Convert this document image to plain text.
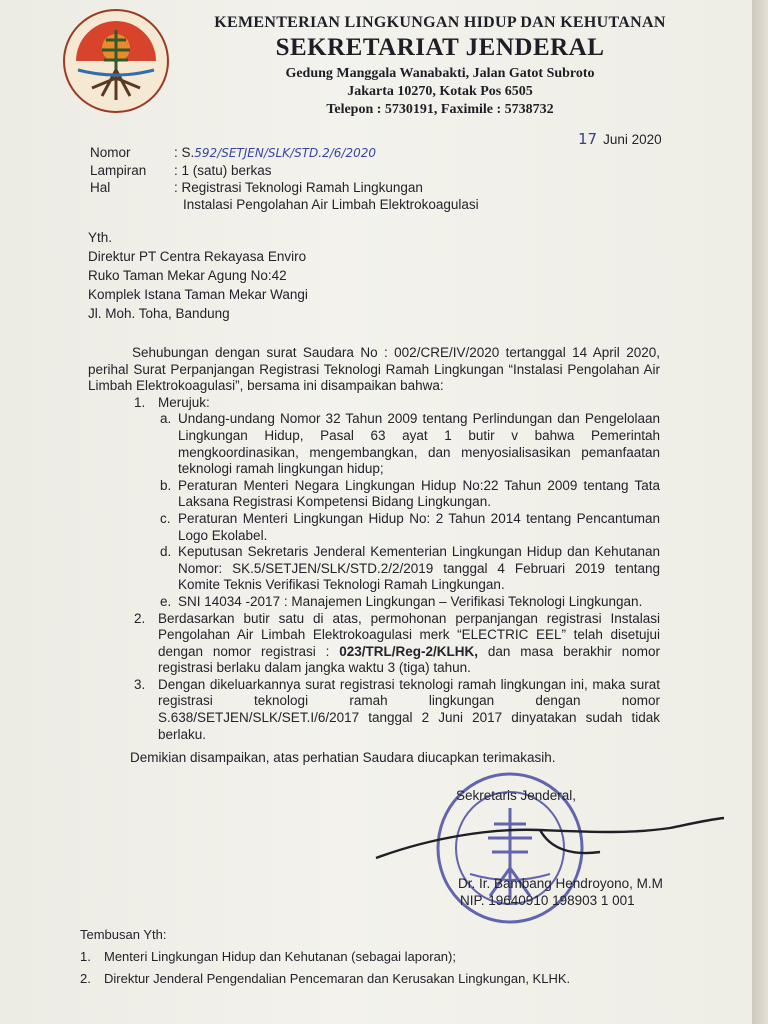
KEMENTERIAN LINGKUNGAN HIDUP DAN KEHUTANAN
SEKRETARIAT JENDERAL
Gedung Manggala Wanabakti, Jalan Gatot Subroto
Jakarta 10270, Kotak Pos 6505
Telepon : 5730191, Faximile : 5738732
17 Juni 2020
Nomor	: S.592/SETJEN/SLK/STD.2/6/2020
Lampiran	: 1 (satu) berkas
Hal	: Registrasi Teknologi Ramah Lingkungan
Instalasi Pengolahan Air Limbah Elektrokoagulasi
Yth.
Direktur PT Centra Rekayasa Enviro
Ruko Taman Mekar Agung No:42
Komplek Istana Taman Mekar Wangi
Jl. Moh. Toha, Bandung

Sehubungan dengan surat Saudara No : 002/CRE/IV/2020 tertanggal 14 April 2020, perihal Surat Perpanjangan Registrasi Teknologi Ramah Lingkungan “Instalasi Pengolahan Air Limbah Elektrokoagulasi”, bersama ini disampaikan bahwa:

1. Merujuk:
a. Undang-undang Nomor 32 Tahun 2009 tentang Perlindungan dan Pengelolaan Lingkungan Hidup, Pasal 63 ayat 1 butir v bahwa Pemerintah mengkoordinasikan, mengembangkan, dan menyosialisasikan pemanfaatan teknologi ramah lingkungan hidup;
b. Peraturan Menteri Negara Lingkungan Hidup No:22 Tahun 2009 tentang Tata Laksana Registrasi Kompetensi Bidang Lingkungan.
c. Peraturan Menteri Lingkungan Hidup No: 2 Tahun 2014 tentang Pencantuman Logo Ekolabel.
d. Keputusan Sekretaris Jenderal Kementerian Lingkungan Hidup dan Kehutanan Nomor: SK.5/SETJEN/SLK/STD.2/2/2019 tanggal 4 Februari 2019 tentang Komite Teknis Verifikasi Teknologi Ramah Lingkungan.
e. SNI 14034 -2017 : Manajemen Lingkungan – Verifikasi Teknologi Lingkungan.
2. Berdasarkan butir satu di atas, permohonan perpanjangan registrasi Instalasi Pengolahan Air Limbah Elektrokoagulasi merk “ELECTRIC EEL” telah disetujui dengan nomor registrasi : 023/TRL/Reg-2/KLHK, dan masa berakhir nomor registrasi berlaku dalam jangka waktu 3 (tiga) tahun.
3. Dengan dikeluarkannya surat registrasi teknologi ramah lingkungan ini, maka surat registrasi teknologi ramah lingkungan dengan nomor S.638/SETJEN/SLK/SET.I/6/2017 tanggal 2 Juni 2017 dinyatakan sudah tidak berlaku.
Demikian disampaikan, atas perhatian Saudara diucapkan terimakasih.
Sekretaris Jenderal,
Dr. Ir. Bambang Hendroyono, M.M
NIP. 19640910 198903 1 001
Tembusan Yth:
1.	Menteri Lingkungan Hidup dan Kehutanan (sebagai laporan);
2.	Direktur Jenderal Pengendalian Pencemaran dan Kerusakan Lingkungan, KLHK.
